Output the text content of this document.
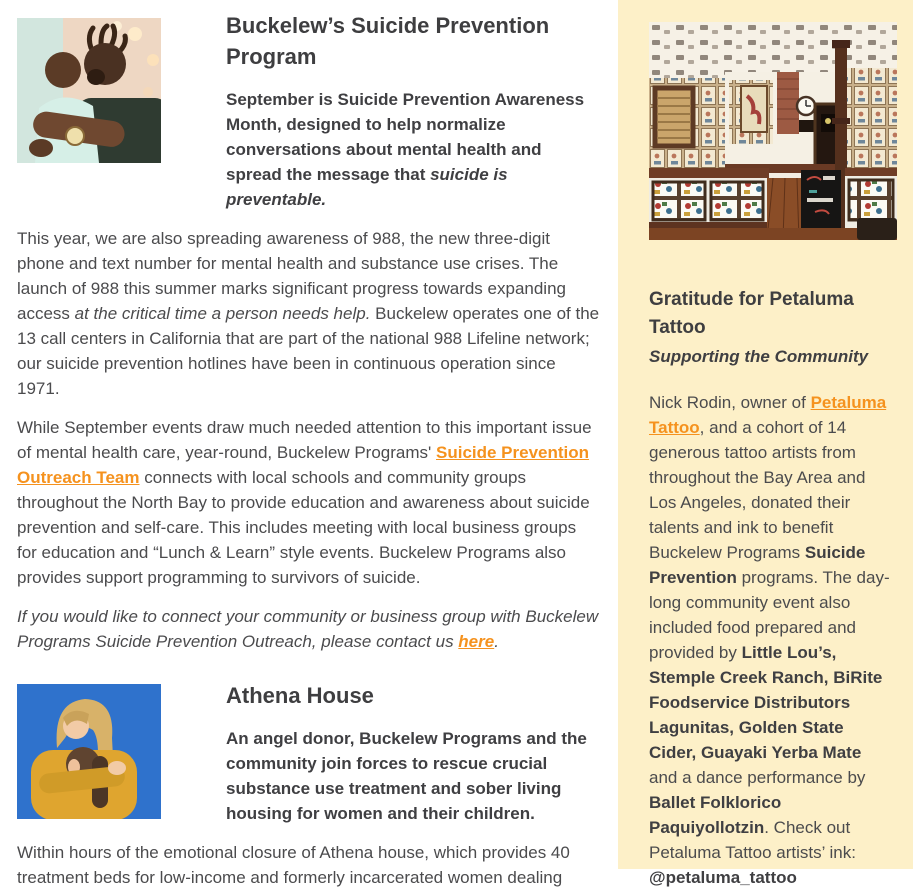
Buckelew’s Suicide Prevention Program

September is Suicide Prevention Awareness Month, designed to help normalize conversations about mental health and spread the message that suicide is preventable.

This year, we are also spreading awareness of 988, the new three-digit phone and text number for mental health and substance use crises. The launch of 988 this summer marks significant progress towards expanding access at the critical time a person needs help. Buckelew operates one of the 13 call centers in California that are part of the national 988 Lifeline network; our suicide prevention hotlines have been in continuous operation since 1971.

While September events draw much needed attention to this important issue of mental health care, year-round, Buckelew Programs' Suicide Prevention Outreach Team connects with local schools and community groups throughout the North Bay to provide education and awareness about suicide prevention and self-care. This includes meeting with local business groups for education and “Lunch & Learn” style events. Buckelew Programs also provides support programming to survivors of suicide.

If you would like to connect your community or business group with Buckelew Programs Suicide Prevention Outreach, please contact us here.

Athena House

An angel donor, Buckelew Programs and the community join forces to rescue crucial substance use treatment and sober living housing for women and their children.

Within hours of the emotional closure of Athena house, which provides 40 treatment beds for low-income and formerly incarcerated women dealing

Gratitude for Petaluma Tattoo
Supporting the Community

Nick Rodin, owner of Petaluma Tattoo, and a cohort of 14 generous tattoo artists from throughout the Bay Area and Los Angeles, donated their talents and ink to benefit Buckelew Programs Suicide Prevention programs. The day-long community event also included food prepared and provided by Little Lou’s, Stemple Creek Ranch, BiRite Foodservice Distributors Lagunitas, Golden State Cider, Guayaki Yerba Mate and a dance performance by Ballet Folklorico Paquiyollotzin. Check out Petaluma Tattoo artists’ ink: @petaluma_tattoo
